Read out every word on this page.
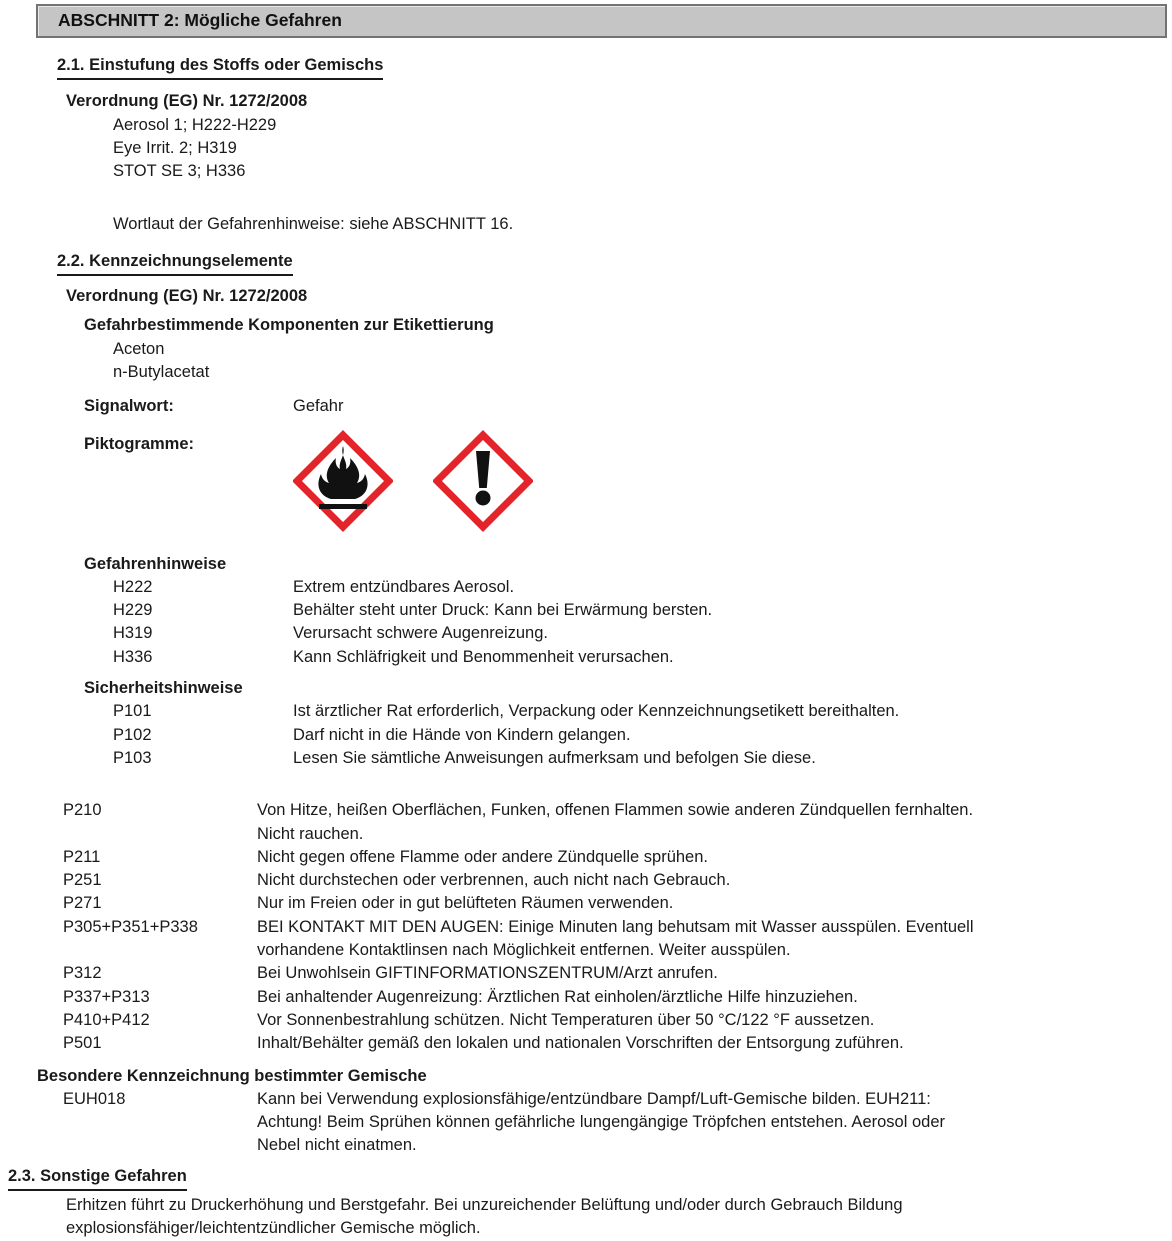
ABSCHNITT 2: Mögliche Gefahren
2.1. Einstufung des Stoffs oder Gemischs
Verordnung (EG) Nr. 1272/2008
Aerosol 1; H222-H229
Eye Irrit. 2; H319
STOT SE 3; H336
Wortlaut der Gefahrenhinweise: siehe ABSCHNITT 16.
2.2. Kennzeichnungselemente
Verordnung (EG) Nr. 1272/2008
Gefahrbestimmende Komponenten zur Etikettierung
Aceton
n-Butylacetat
Signalwort:	Gefahr
Piktogramme:
Gefahrenhinweise
H222	Extrem entzündbares Aerosol.
H229	Behälter steht unter Druck: Kann bei Erwärmung bersten.
H319	Verursacht schwere Augenreizung.
H336	Kann Schläfrigkeit und Benommenheit verursachen.
Sicherheitshinweise
P101	Ist ärztlicher Rat erforderlich, Verpackung oder Kennzeichnungsetikett bereithalten.
P102	Darf nicht in die Hände von Kindern gelangen.
P103	Lesen Sie sämtliche Anweisungen aufmerksam und befolgen Sie diese.
P210	Von Hitze, heißen Oberflächen, Funken, offenen Flammen sowie anderen Zündquellen fernhalten. Nicht rauchen.
P211	Nicht gegen offene Flamme oder andere Zündquelle sprühen.
P251	Nicht durchstechen oder verbrennen, auch nicht nach Gebrauch.
P271	Nur im Freien oder in gut belüfteten Räumen verwenden.
P305+P351+P338	BEI KONTAKT MIT DEN AUGEN: Einige Minuten lang behutsam mit Wasser ausspülen. Eventuell vorhandene Kontaktlinsen nach Möglichkeit entfernen. Weiter ausspülen.
P312	Bei Unwohlsein GIFTINFORMATIONSZENTRUM/Arzt anrufen.
P337+P313	Bei anhaltender Augenreizung: Ärztlichen Rat einholen/ärztliche Hilfe hinzuziehen.
P410+P412	Vor Sonnenbestrahlung schützen. Nicht Temperaturen über 50 °C/122 °F aussetzen.
P501	Inhalt/Behälter gemäß den lokalen und nationalen Vorschriften der Entsorgung zuführen.
Besondere Kennzeichnung bestimmter Gemische
EUH018	Kann bei Verwendung explosionsfähige/entzündbare Dampf/Luft-Gemische bilden. EUH211: Achtung! Beim Sprühen können gefährliche lungengängige Tröpfchen entstehen. Aerosol oder Nebel nicht einatmen.
2.3. Sonstige Gefahren
Erhitzen führt zu Druckerhöhung und Berstgefahr. Bei unzureichender Belüftung und/oder durch Gebrauch Bildung explosionsfähiger/leichtentzündlicher Gemische möglich.
